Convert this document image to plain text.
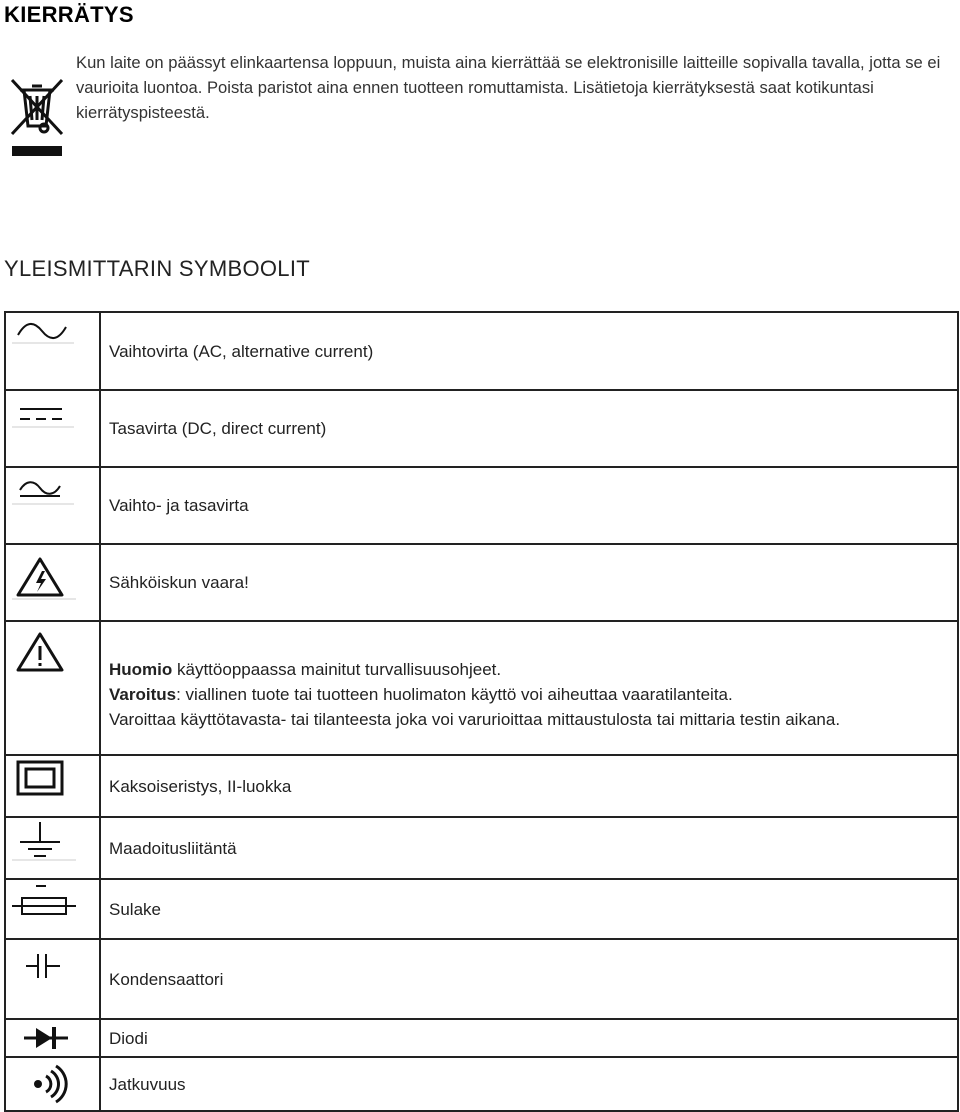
KIERRÄTYS
Kun laite on päässyt elinkaartensa loppuun, muista aina kierrättää se elektronisille laitteille sopivalla tavalla, jotta se ei vaurioita luontoa. Poista paristot aina ennen tuotteen romuttamista. Lisätietoja kierrätyksestä saat kotikuntasi kierrätyspisteestä.
YLEISMITTARIN SYMBOOLIT
	Vaihtovirta (AC, alternative current)

	Tasavirta (DC, direct current)

	Vaihto- ja tasavirta

	Sähköiskun vaara!

Huomio käyttöoppaassa mainitut turvallisuusohjeet.
Varoitus: viallinen tuote tai tuotteen huolimaton käyttö voi aiheuttaa vaaratilanteita.
Varoittaa käyttötavasta- tai tilanteesta joka voi varurioittaa mittaustulosta tai mittaria testin aikana.

	Kaksoiseristys, II-luokka

	Maadoitusliitäntä

	Sulake

	Kondensaattori

	Diodi

	Jatkuvuus
